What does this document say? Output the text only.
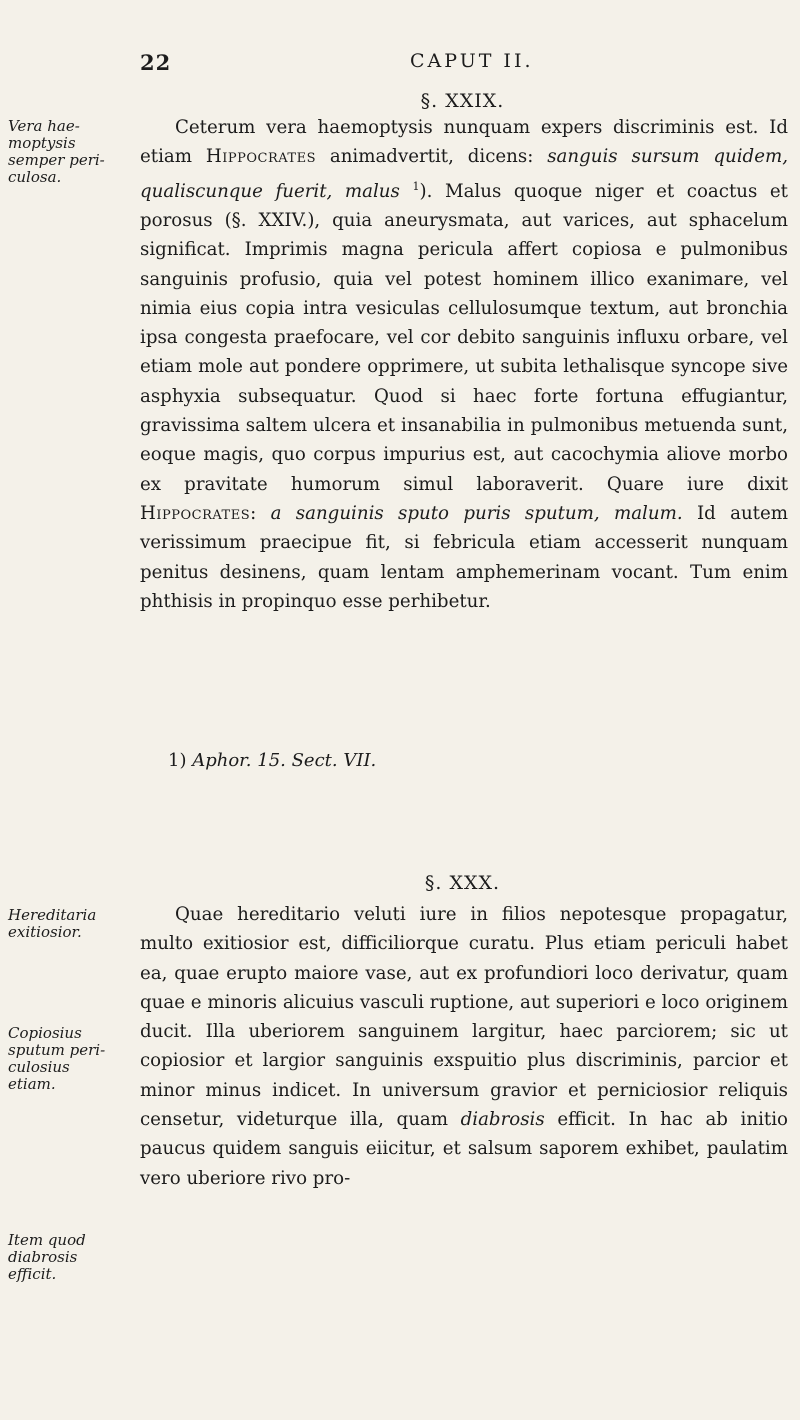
22	CAPUT II.
§. XXIX.
Vera hae-
moptysis
semper peri-
culosa.

Ceterum vera haemoptysis nunquam expers discriminis est. Id etiam Hippocrates animadvertit, dicens: sanguis sursum quidem, qualiscunque fuerit, malus $^1$). Malus quoque niger et coactus et porosus (§. XXIV.), quia aneurysmata, aut varices, aut sphacelum significat. Imprimis magna pericula affert copiosa e pulmonibus sanguinis profusio, quia vel potest hominem illico exanimare, vel nimia eius copia intra vesiculas cellulosumque textum, aut bronchia ipsa congesta praefocare, vel cor debito sanguinis influxu orbare, vel etiam mole aut pondere opprimere, ut subita lethalisque syncope sive asphyxia subsequatur. Quod si haec forte fortuna effugiantur, gravissima saltem ulcera et insanabilia in pulmonibus metuenda sunt, eoque magis, quo corpus impurius est, aut cacochymia aliove morbo ex pravitate humorum simul laboraverit. Quare iure dixit Hippocrates: a sanguinis sputo puris sputum, malum. Id autem verissimum praecipue fit, si febricula etiam accesserit nunquam penitus desinens, quam lentam amphemerinam vocant. Tum enim phthisis in propinquo esse perhibetur.

1) Aphor. 15. Sect. VII.
§. XXX.
Hereditaria
exitiosior.
Copiosius
sputum peri-
culosius
etiam.
Item quod
diabrosis
efficit.

Quae hereditario veluti iure in filios nepotesque propagatur, multo exitiosior est, difficiliorque curatu. Plus etiam periculi habet ea, quae erupto maiore vase, aut ex profundiori loco derivatur, quam quae e minoris alicuius vasculi ruptione, aut superiori e loco originem ducit. Illa uberiorem sanguinem largitur, haec parciorem; sic ut copiosior et largior sanguinis exspuitio plus discriminis, parcior et minor minus indicet. In universum gravior et perniciosior reliquis censetur, videturque illa, quam diabrosis efficit. In hac ab initio paucus quidem sanguis eiicitur, et salsum saporem exhibet, paulatim vero uberiore rivo pro-
